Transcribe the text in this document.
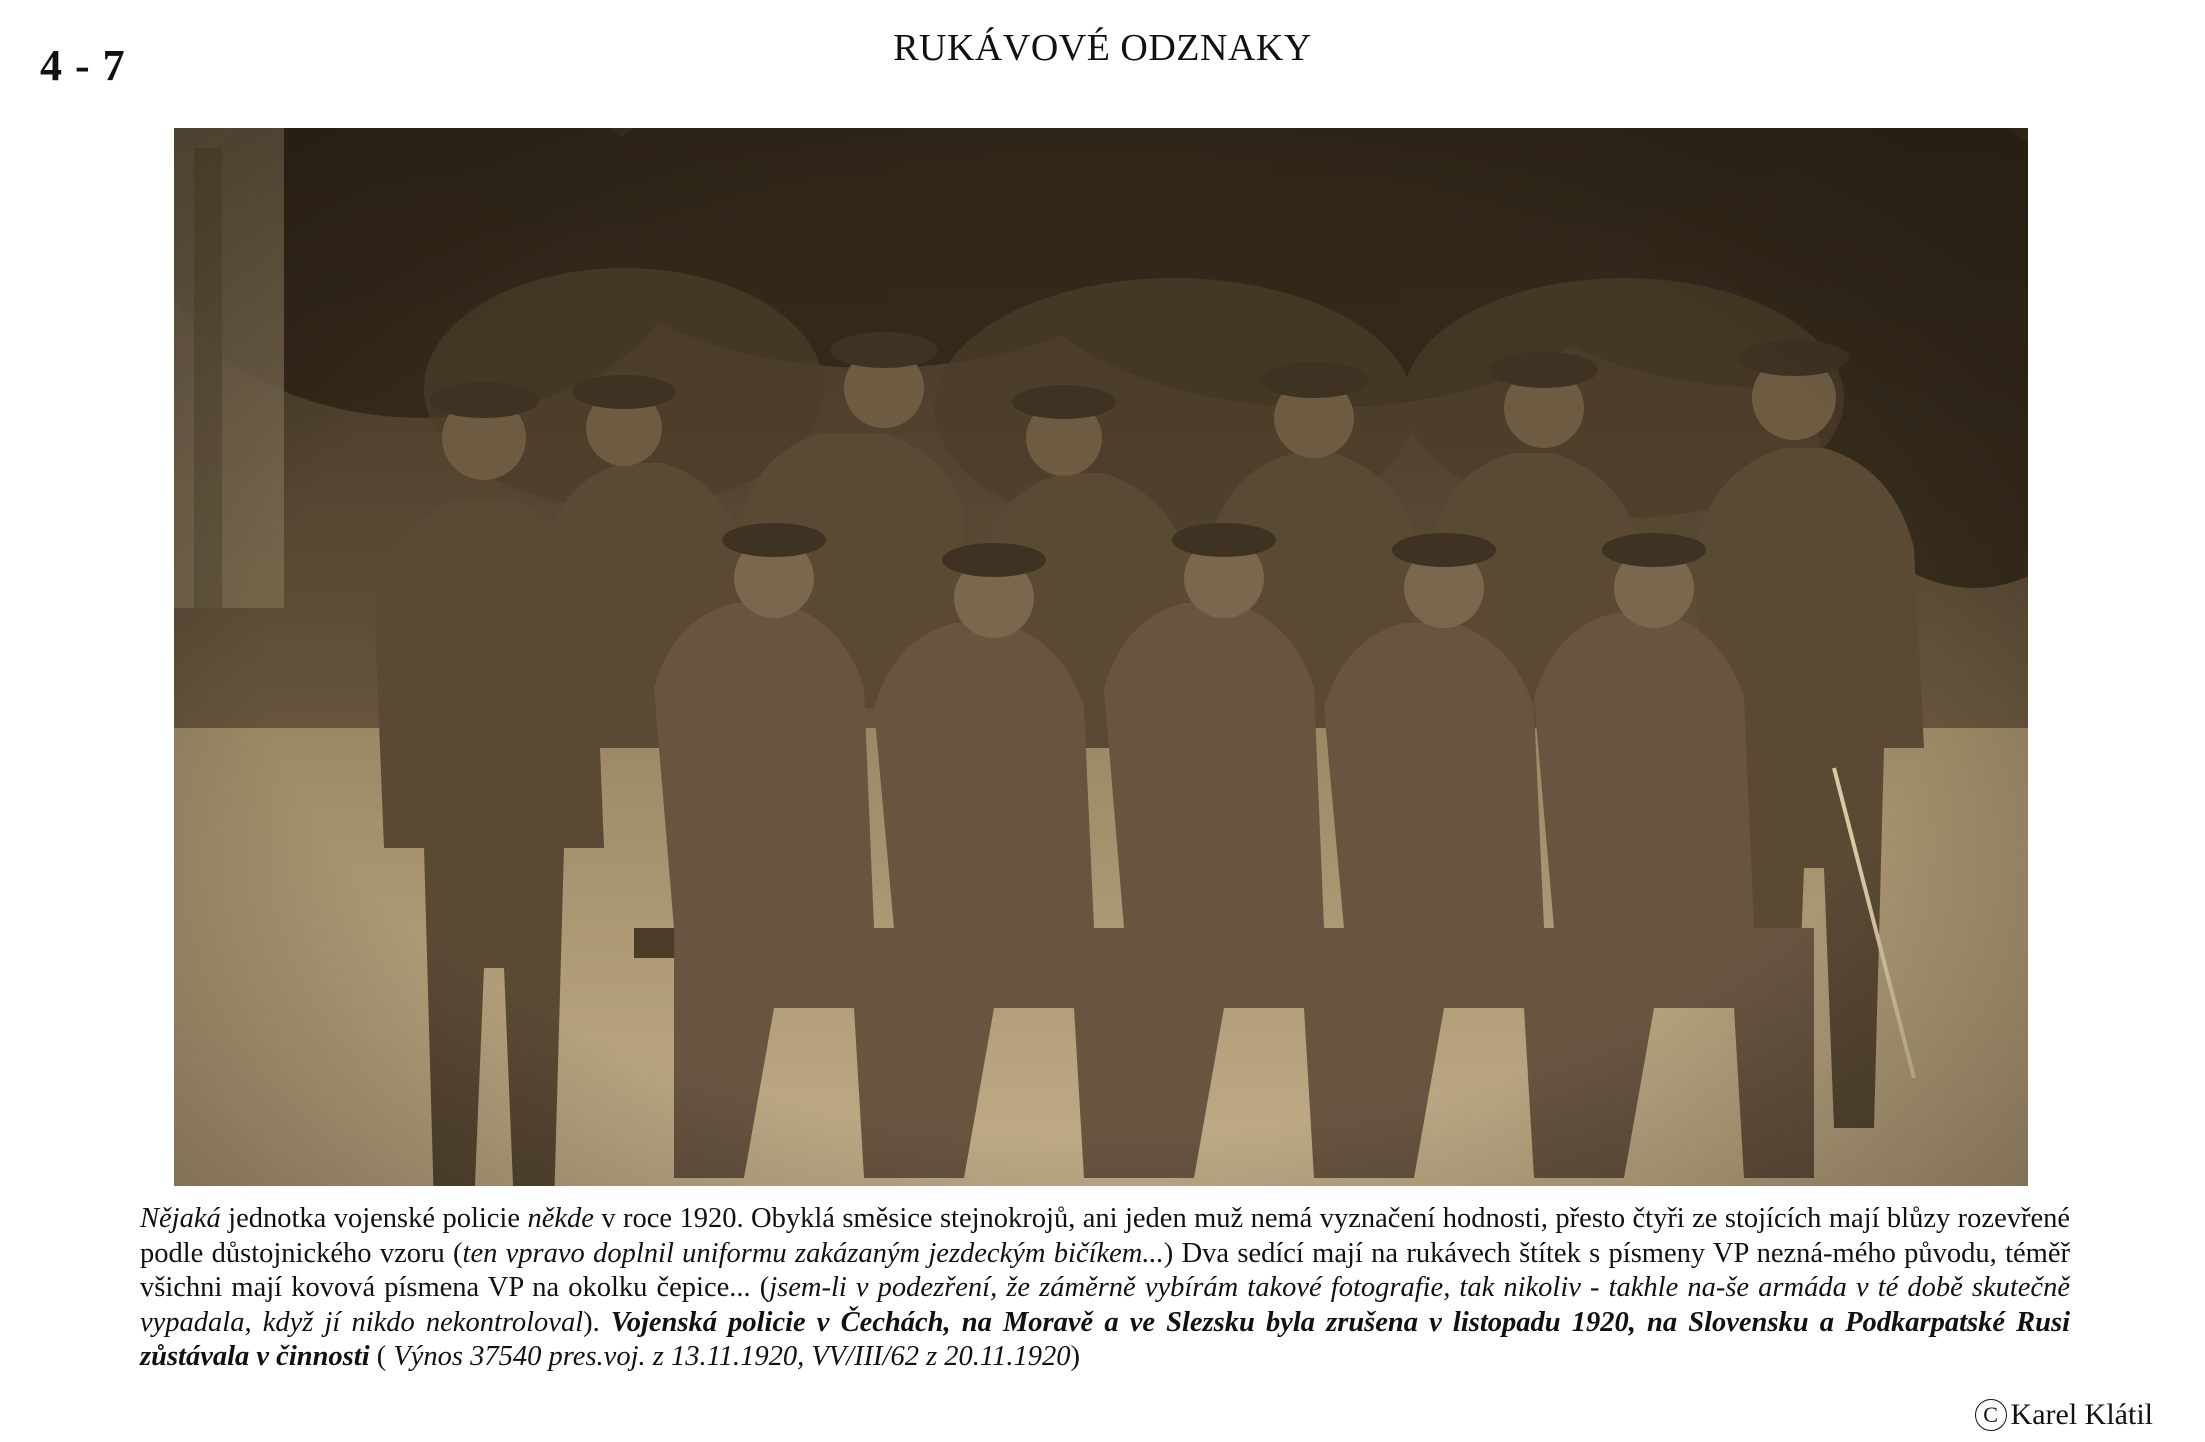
4 - 7	RUKÁVOVÉ ODZNAKY
Nějaká jednotka vojenské policie někde v roce 1920. Obyklá směsice stejnokrojů, ani jeden muž nemá vyznačení hodnosti, přesto čtyři ze stojících mají blůzy rozevřené podle důstojnického vzoru (ten vpravo doplnil uniformu zakázaným jezdeckým bičíkem...) Dva sedící mají na rukávech štítek s písmeny VP nezná-mého původu, téměř všichni mají kovová písmena VP na okolku čepice... (jsem-li v podezření, že záměrně vybírám takové fotografie, tak nikoliv - takhle na-še armáda v té době skutečně vypadala, když jí nikdo nekontroloval). Vojenská policie v Čechách, na Moravě a ve Slezsku byla zrušena v listopadu 1920, na Slovensku a Podkarpatské Rusi zůstávala v činnosti ( Výnos 37540 pres.voj. z 13.11.1920, VV/III/62 z 20.11.1920)
C Karel Klátil
